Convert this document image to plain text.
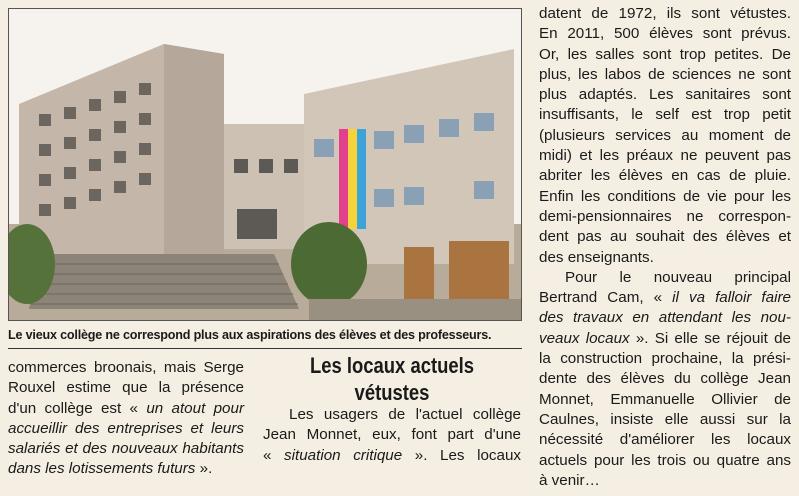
Le vieux collège ne correspond plus aux aspirations des élèves et des professeurs.
Les locaux actuels
vétustes
commerces broonais, mais Serge
Rouxel estime que la présence
d'un collège est « un atout pour
accueillir des entreprises et leurs
salariés et des nouveaux habitants
dans les lotissements futurs ».
Les usagers de l'actuel collège
Jean Monnet, eux, font part d'une
« situation critique ». Les locaux
datent de 1972, ils sont vétustes.
En 2011, 500 élèves sont prévus.
Or, les salles sont trop petites. De
plus, les labos de sciences ne sont
plus adaptés. Les sanitaires sont
insuffisants, le self est trop petit
(plusieurs services au moment de
midi) et les préaux ne peuvent pas
abriter les élèves en cas de pluie.
Enfin les conditions de vie pour les
demi-pensionnaires ne correspon-
dent pas au souhait des élèves et
des enseignants.
Pour le nouveau principal
Bertrand Cam, « il va falloir faire
des travaux en attendant les nou-
veaux locaux ». Si elle se réjouit de
la construction prochaine, la prési-
dente des élèves du collège Jean
Monnet, Emmanuelle Ollivier de
Caulnes, insiste elle aussi sur la
nécessité d'améliorer les locaux
actuels pour les trois ou quatre ans
à venir…
